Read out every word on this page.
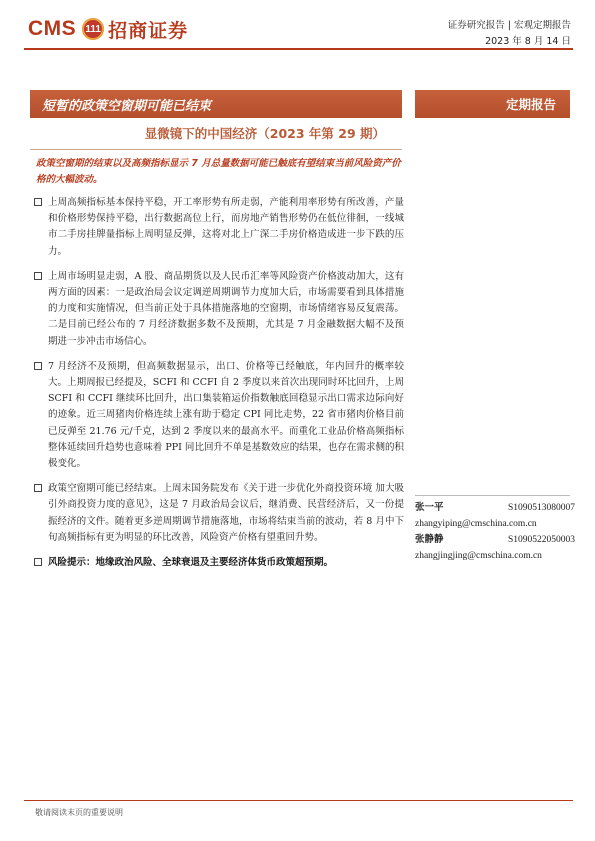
CMS 111 招商证券	证券研究报告 | 宏观定期报告
2023 年 8 月 14 日
短暂的政策空窗期可能已结束	定期报告
显微镜下的中国经济（2023 年第 29 期）
政策空窗期的结束以及高频指标显示 7 月总量数据可能已触底有望结束当前风险资产价格的大幅波动。
上周高频指标基本保持平稳，开工率形势有所走弱，产能利用率形势有所改善，产量和价格形势保持平稳，出行数据高位上行，而房地产销售形势仍在低位徘徊，一线城市二手房挂牌量指标上周明显反弹，这将对北上广深二手房价格造成进一步下跌的压力。
上周市场明显走弱，A 股、商品期货以及人民币汇率等风险资产价格波动加大，这有两方面的因素：一是政治局会议定调逆周期调节力度加大后，市场需要看到具体措施的力度和实施情况，但当前正处于具体措施落地的空窗期，市场情绪容易反复震荡。二是目前已经公布的 7 月经济数据多数不及预期，尤其是 7 月金融数据大幅不及预期进一步冲击市场信心。
7 月经济不及预期，但高频数据显示，出口、价格等已经触底，年内回升的概率较大。上期周报已经提及，SCFI 和 CCFI 自 2 季度以来首次出现同时环比回升，上周 SCFI 和 CCFI 继续环比回升，出口集装箱运价指数触底回稳显示出口需求边际向好的迹象。近三周猪肉价格连续上涨有助于稳定 CPI 同比走势，22 省市猪肉价格目前已反弹至 21.76 元/千克，达到 2 季度以来的最高水平。而重化工业品价格高频指标整体延续回升趋势也意味着 PPI 同比回升不单是基数效应的结果，也存在需求侧的积极变化。
政策空窗期可能已经结束。上周末国务院发布《关于进一步优化外商投资环境 加大吸引外商投资力度的意见》，这是 7 月政治局会议后，继消费、民营经济后，又一份提振经济的文件。随着更多逆周期调节措施落地，市场将结束当前的波动，若 8 月中下旬高频指标有更为明显的环比改善，风险资产价格有望重回升势。
风险提示：地缘政治风险、全球衰退及主要经济体货币政策超预期。
张一平	S1090513080007
zhangyiping@cmschina.com.cn
张静静	S1090522050003
zhangjingjing@cmschina.com.cn
敬请阅读末页的重要说明
